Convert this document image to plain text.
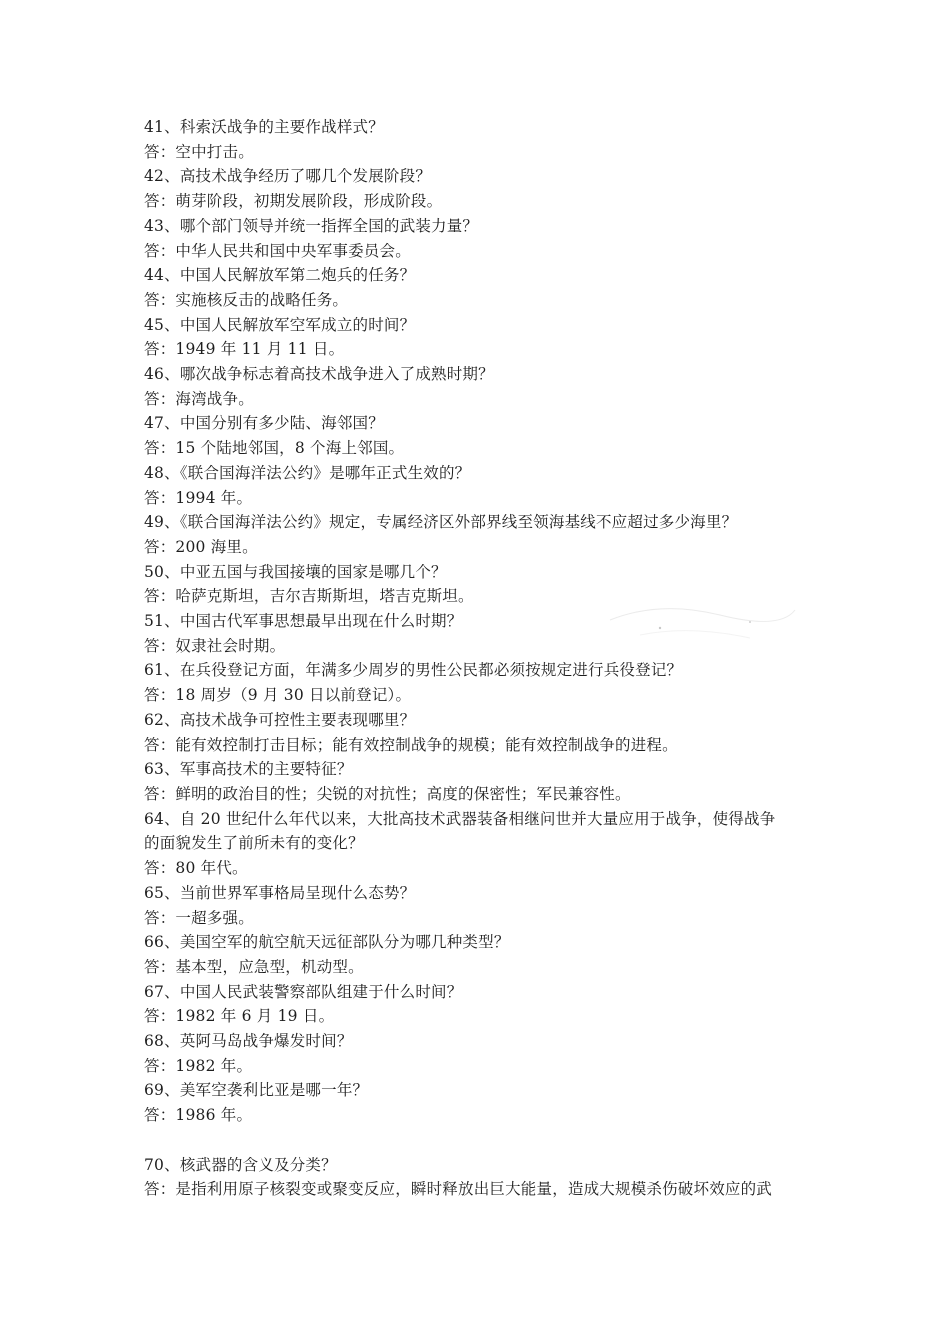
41、科索沃战争的主要作战样式？
答：空中打击。
42、高技术战争经历了哪几个发展阶段？
答：萌芽阶段，初期发展阶段，形成阶段。
43、哪个部门领导并统一指挥全国的武装力量？
答：中华人民共和国中央军事委员会。
44、中国人民解放军第二炮兵的任务？
答：实施核反击的战略任务。
45、中国人民解放军空军成立的时间？
答：1949 年 11 月 11 日。
46、哪次战争标志着高技术战争进入了成熟时期？
答：海湾战争。
47、中国分别有多少陆、海邻国？
答：15 个陆地邻国，8 个海上邻国。
48、《联合国海洋法公约》是哪年正式生效的？
答：1994 年。
49、《联合国海洋法公约》规定，专属经济区外部界线至领海基线不应超过多少海里？
答：200 海里。
50、中亚五国与我国接壤的国家是哪几个？
答：哈萨克斯坦，吉尔吉斯斯坦，塔吉克斯坦。
51、中国古代军事思想最早出现在什么时期？
答：奴隶社会时期。
61、在兵役登记方面，年满多少周岁的男性公民都必须按规定进行兵役登记？
答：18 周岁（9 月 30 日以前登记）。
62、高技术战争可控性主要表现哪里？
答：能有效控制打击目标；能有效控制战争的规模；能有效控制战争的进程。
63、军事高技术的主要特征？
答：鲜明的政治目的性；尖锐的对抗性；高度的保密性；军民兼容性。
64、自 20 世纪什么年代以来，大批高技术武器装备相继问世并大量应用于战争，使得战争
的面貌发生了前所未有的变化？
答：80 年代。
65、当前世界军事格局呈现什么态势？
答：一超多强。
66、美国空军的航空航天远征部队分为哪几种类型？
答：基本型，应急型，机动型。
67、中国人民武装警察部队组建于什么时间？
答：1982 年 6 月 19 日。
68、英阿马岛战争爆发时间？
答：1982 年。
69、美军空袭利比亚是哪一年？
答：1986 年。
70、核武器的含义及分类？
答：是指利用原子核裂变或聚变反应，瞬时释放出巨大能量，造成大规模杀伤破坏效应的武
